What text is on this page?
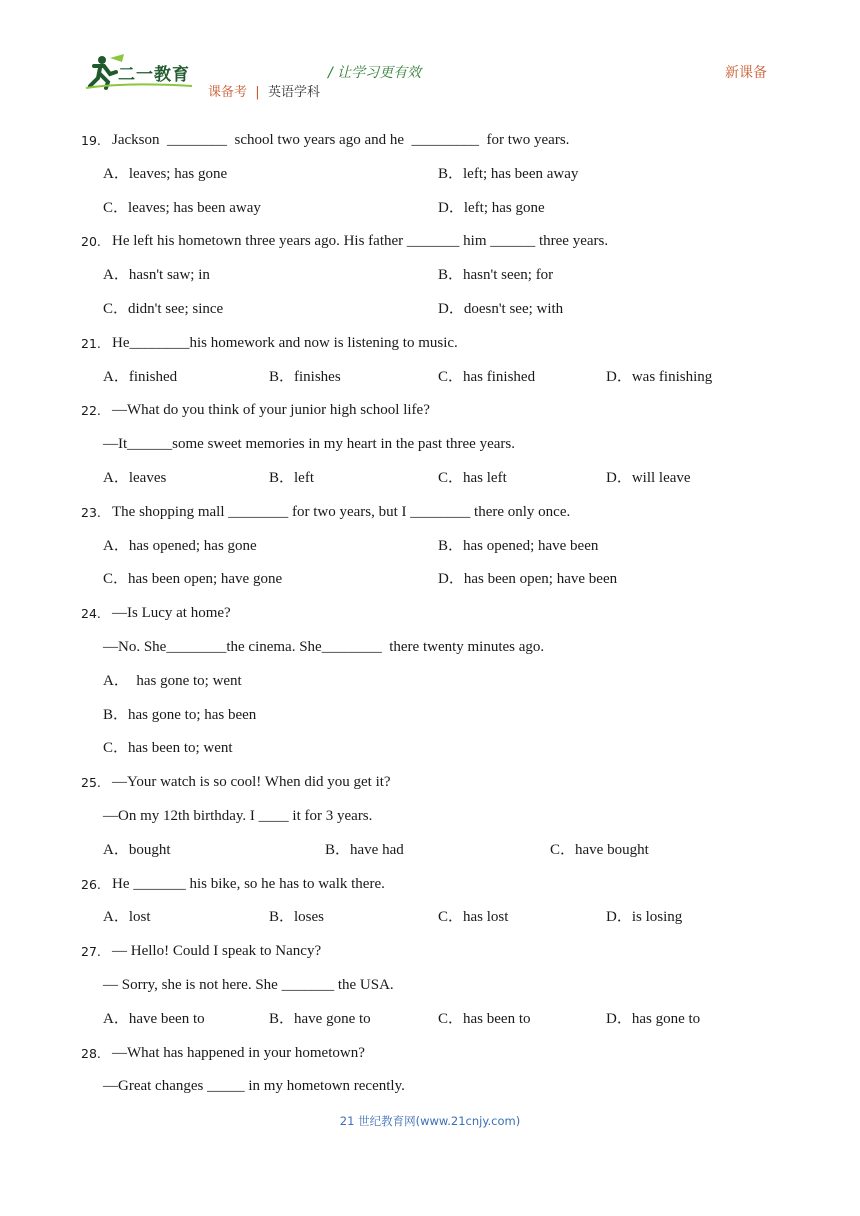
二一教育	/ 让学习更有效
课备考 | 英语学科
新课备
19. Jackson  ________  school two years ago and he  _________  for two years.
A．leaves; has gone	B．left; has been away
C．leaves; has been away	D．left; has gone
20. He left his hometown three years ago. His father _______ him ______ three years.
A．hasn't saw; in	B．hasn't seen; for
C．didn't see; since	D．doesn't see; with
21. He________his homework and now is listening to music.
A．finished	B．finishes	C．has finished	D．was finishing
22. —What do you think of your junior high school life?
—It______some sweet memories in my heart in the past three years.
A．leaves	B．left	C．has left	D．will leave
23. The shopping mall ________ for two years, but I ________ there only once.
A．has opened; has gone	B．has opened; have been
C．has been open; have gone	D．has been open; have been
24. —Is Lucy at home?
—No. She________the cinema. She________  there twenty minutes ago.
A．  has gone to; went
B．has gone to; has been
C．has been to; went
25. —Your watch is so cool! When did you get it?
—On my 12th birthday. I ____ it for 3 years.
A．bought	B．have had	C．have bought
26. He _______ his bike, so he has to walk there.
A．lost	B．loses	C．has lost	D．is losing
27. — Hello! Could I speak to Nancy?
— Sorry, she is not here. She _______ the USA.
A．have been to	B．have gone to	C．has been to	D．has gone to
28. —What has happened in your hometown?
—Great changes _____ in my hometown recently.
21 世纪教育网(www.21cnjy.com)
